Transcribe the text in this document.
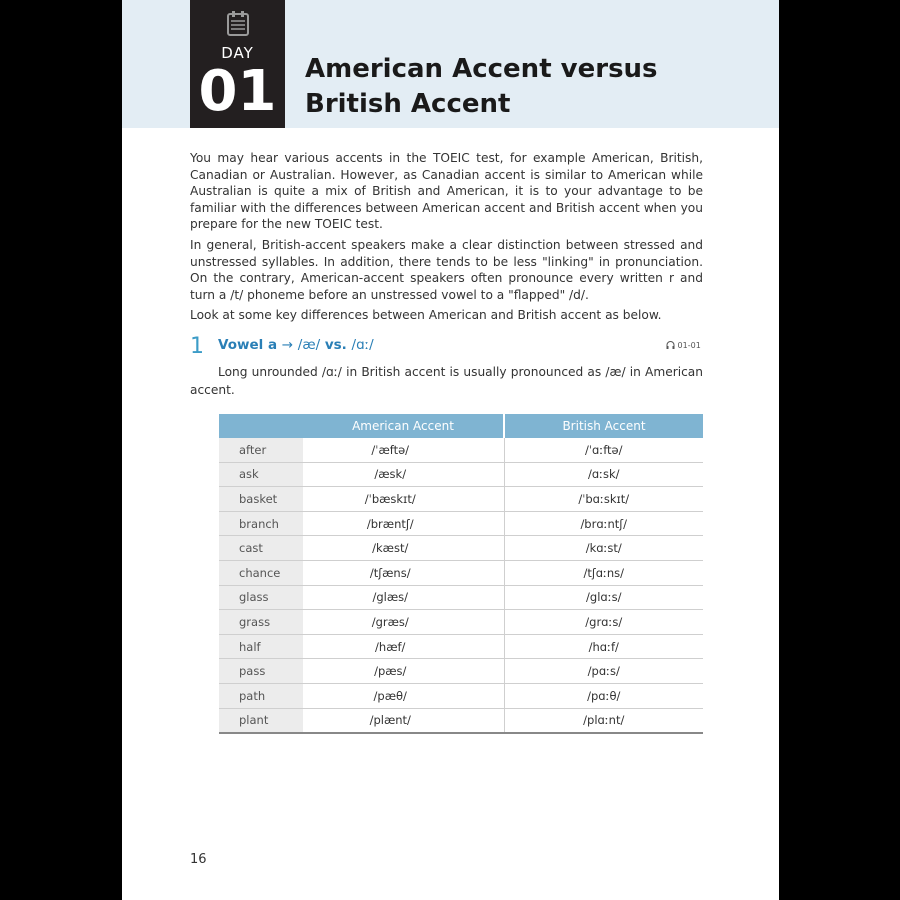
DAY
01	American Accent versus
British Accent

You may hear various accents in the TOEIC test, for example American, British, Canadian or Australian. However, as Canadian accent is similar to American while Australian is quite a mix of British and American, it is to your advantage to be familiar with the differences between American accent and British accent when you prepare for the new TOEIC test.

In general, British-accent speakers make a clear distinction between stressed and unstressed syllables. In addition, there tends to be less "linking" in pronunciation. On the contrary, American-accent speakers often pronounce every written r and turn a /t/ phoneme before an unstressed vowel to a "flapped" /d/.

Look at some key differences between American and British accent as below.

1 Vowel a → /æ/ vs. /ɑː/	01-01
Long unrounded /ɑː/ in British accent is usually pronounced as /æ/ in American accent.
	American Accent	British Accent
after	/ˈæftə/	/ˈɑːftə/
ask	/æsk/	/ɑːsk/
basket	/ˈbæskɪt/	/ˈbɑːskɪt/
branch	/bræntʃ/	/brɑːntʃ/
cast	/kæst/	/kɑːst/
chance	/tʃæns/	/tʃɑːns/
glass	/glæs/	/glɑːs/
grass	/græs/	/grɑːs/
half	/hæf/	/hɑːf/
pass	/pæs/	/pɑːs/
path	/pæθ/	/pɑːθ/
plant	/plænt/	/plɑːnt/
16
